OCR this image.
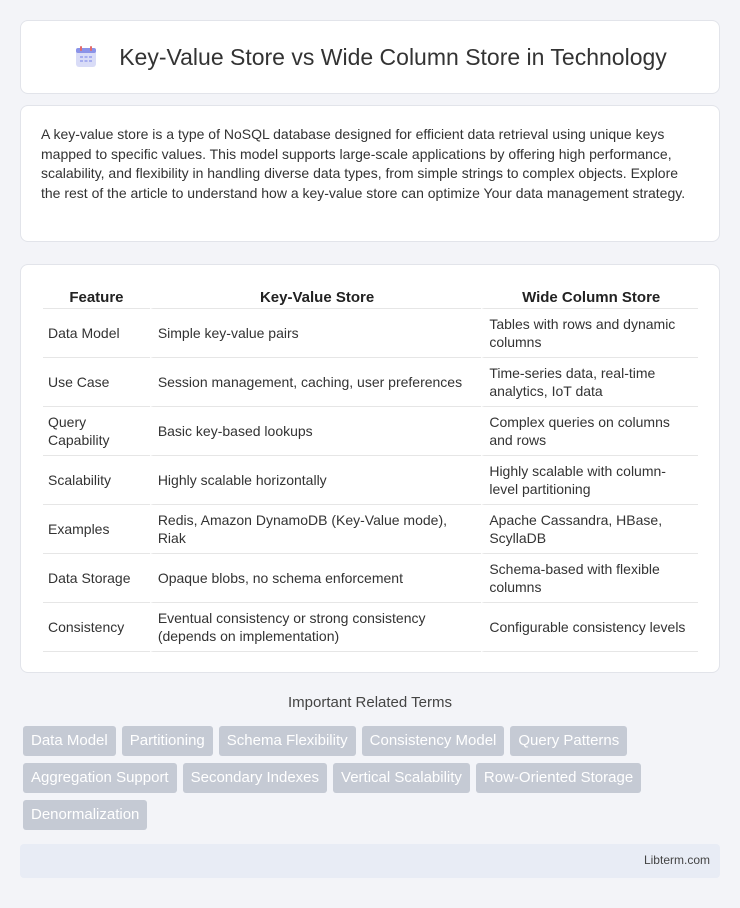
Key-Value Store vs Wide Column Store in Technology

A key-value store is a type of NoSQL database designed for efficient data retrieval using unique keys mapped to specific values. This model supports large-scale applications by offering high performance, scalability, and flexibility in handling diverse data types, from simple strings to complex objects. Explore the rest of the article to understand how a key-value store can optimize Your data management strategy.

Feature	Key-Value Store	Wide Column Store
Data Model	Simple key-value pairs	Tables with rows and dynamic columns
Use Case	Session management, caching, user preferences	Time-series data, real-time analytics, IoT data
Query Capability	Basic key-based lookups	Complex queries on columns and rows
Scalability	Highly scalable horizontally	Highly scalable with column-level partitioning
Examples	Redis, Amazon DynamoDB (Key-Value mode), Riak	Apache Cassandra, HBase, ScyllaDB
Data Storage	Opaque blobs, no schema enforcement	Schema-based with flexible columns
Consistency	Eventual consistency or strong consistency (depends on implementation)	Configurable consistency levels
Important Related Terms
Data Model	Partitioning	Schema Flexibility	Consistency Model	Query Patterns
Aggregation Support	Secondary Indexes	Vertical Scalability	Row-Oriented Storage
Denormalization
Libterm.com
